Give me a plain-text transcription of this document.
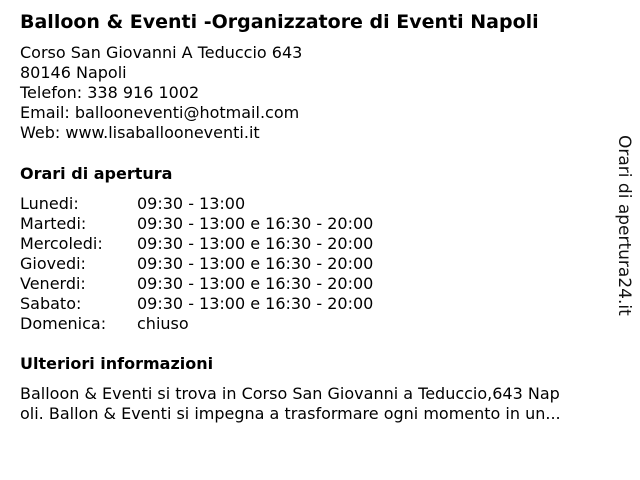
Balloon & Eventi -Organizzatore di Eventi Napoli
Corso San Giovanni A Teduccio 643
80146 Napoli
Telefon: 338 916 1002
Email: ballooneventi@hotmail.com
Web: www.lisaballooneventi.it
Orari di apertura
Lunedi:	09:30 - 13:00
Martedi:	09:30 - 13:00 e 16:30 - 20:00
Mercoledi: 09:30 - 13:00 e 16:30 - 20:00
Giovedi:	09:30 - 13:00 e 16:30 - 20:00
Venerdi:	09:30 - 13:00 e 16:30 - 20:00
Sabato:	09:30 - 13:00 e 16:30 - 20:00
Domenica: chiuso
Ulteriori informazioni
Balloon & Eventi si trova in Corso San Giovanni a Teduccio,643 Nap
oli. Ballon & Eventi si impegna a trasformare ogni momento in un...
Orari di apertura24.it
